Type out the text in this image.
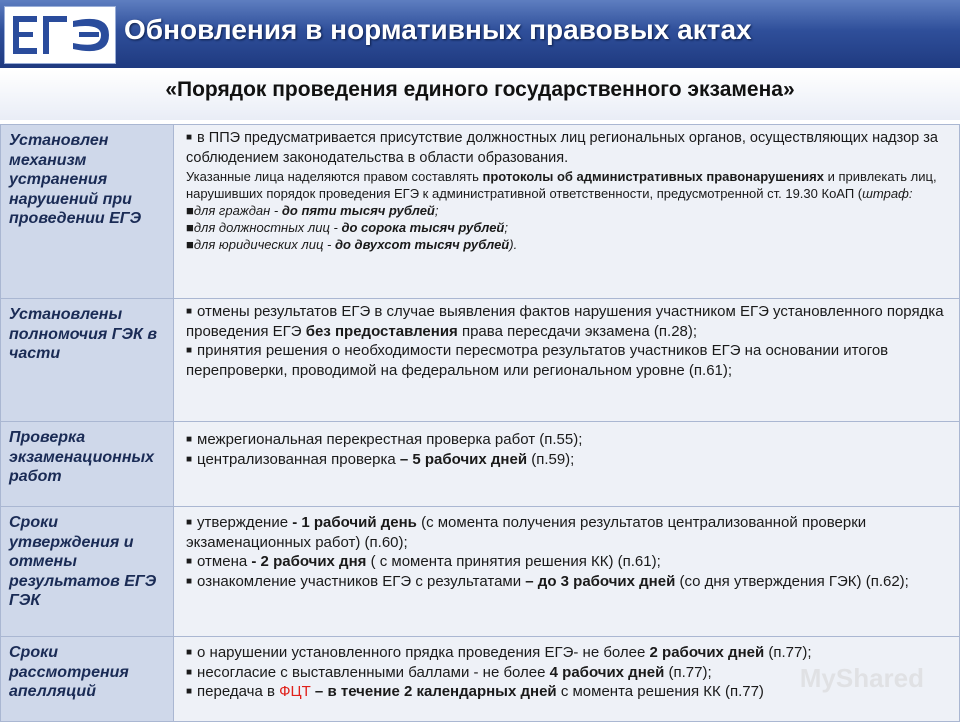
Обновления в нормативных правовых актах
«Порядок проведения единого государственного экзамена»
Установлен механизм устранения нарушений при проведении ЕГЭ	■ в ППЭ предусматривается присутствие должностных лиц региональных органов, осуществляющих надзор за соблюдением законодательства в области образования.
Указанные лица наделяются правом составлять протоколы об административных правонарушениях и привлекать лиц, нарушивших порядок проведения ЕГЭ к административной ответственности, предусмотренной ст. 19.30 КоАП (штраф:
■для граждан - до пяти тысяч рублей;
■для должностных лиц - до сорока тысяч рублей;
■для юридических лиц - до двухсот тысяч рублей).

Установлены полномочия ГЭК в части	■ отмены результатов ЕГЭ в случае выявления фактов нарушения участником ЕГЭ установленного порядка проведения ЕГЭ без предоставления права пересдачи экзамена (п.28);
■ принятия решения о необходимости пересмотра результатов участников ЕГЭ на основании итогов перепроверки, проводимой на федеральном или региональном уровне (п.61);

Проверка экзаменационных работ	■ межрегиональная перекрестная проверка работ (п.55);
■ централизованная проверка – 5 рабочих дней (п.59);

Сроки утверждения и отмены результатов ЕГЭ ГЭК	■ утверждение - 1 рабочий день (с момента получения результатов централизованной проверки экзаменационных работ) (п.60);
■ отмена - 2 рабочих дня ( с момента принятия решения КК) (п.61);
■ ознакомление участников ЕГЭ с результатами – до 3 рабочих дней (со дня утверждения ГЭК) (п.62);

Сроки рассмотрения апелляций	■ о нарушении установленного прядка проведения ЕГЭ- не более 2 рабочих дней (п.77);
■ несогласие с выставленными баллами - не более 4 рабочих дней (п.77);
■ передача в ФЦТ – в течение 2 календарных дней с момента решения КК (п.77)	MyShared
